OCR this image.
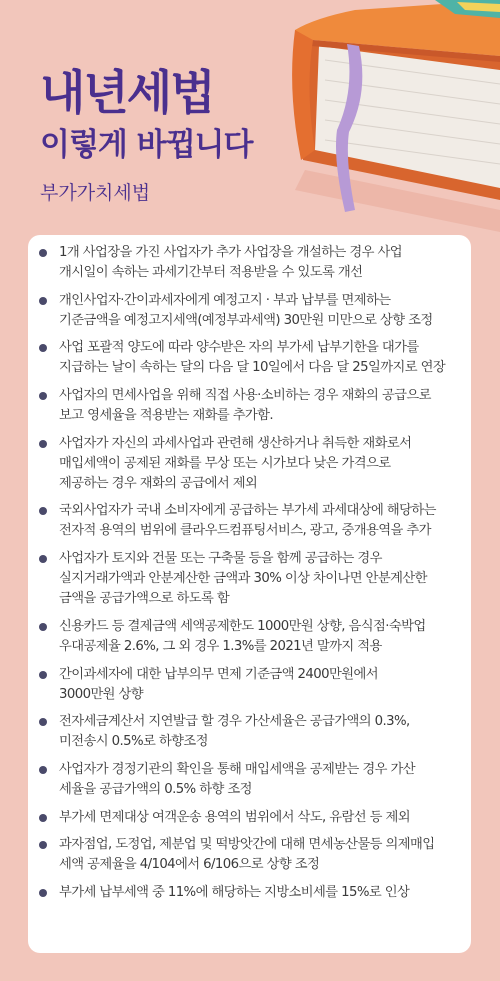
내년세법
이렇게 바뀝니다
부가가치세법
1개 사업장을 가진 사업자가 추가 사업장을 개설하는 경우 사업
개시일이 속하는 과세기간부터 적용받을 수 있도록 개선
개인사업자·간이과세자에게 예정고지 · 부과 납부를 면제하는
기준금액을 예정고지세액(예정부과세액) 30만원 미만으로 상향 조정
사업 포괄적 양도에 따라 양수받은 자의 부가세 납부기한을 대가를
지급하는 날이 속하는 달의 다음 달 10일에서 다음 달 25일까지로 연장
사업자의 면세사업을 위해 직접 사용·소비하는 경우 재화의 공급으로
보고 영세율을 적용받는 재화를 추가함.
사업자가 자신의 과세사업과 관련해 생산하거나 취득한 재화로서
매입세액이 공제된 재화를 무상 또는 시가보다 낮은 가격으로
제공하는 경우 재화의 공급에서 제외
국외사업자가 국내 소비자에게 공급하는 부가세 과세대상에 해당하는
전자적 용역의 범위에 클라우드컴퓨팅서비스, 광고, 중개용역을 추가
사업자가 토지와 건물 또는 구축물 등을 함께 공급하는 경우
실지거래가액과 안분계산한 금액과 30% 이상 차이나면 안분계산한
금액을 공급가액으로 하도록 함
신용카드 등 결제금액 세액공제한도 1000만원 상향, 음식점·숙박업
우대공제율 2.6%, 그 외 경우 1.3%를 2021년 말까지 적용
간이과세자에 대한 납부의무 면제 기준금액 2400만원에서
3000만원 상향
전자세금계산서 지연발급 할 경우 가산세율은 공급가액의 0.3%,
미전송시 0.5%로 하향조정
사업자가 경정기관의 확인을 통해 매입세액을 공제받는 경우 가산
세율을 공급가액의 0.5% 하향 조정
부가세 면제대상 여객운송 용역의 범위에서 삭도, 유람선 등 제외
과자점업, 도정업, 제분업 및 떡방앗간에 대해 면세농산물등 의제매입
세액 공제율을 4/104에서 6/106으로 상향 조정
부가세 납부세액 중 11%에 해당하는 지방소비세를 15%로 인상
